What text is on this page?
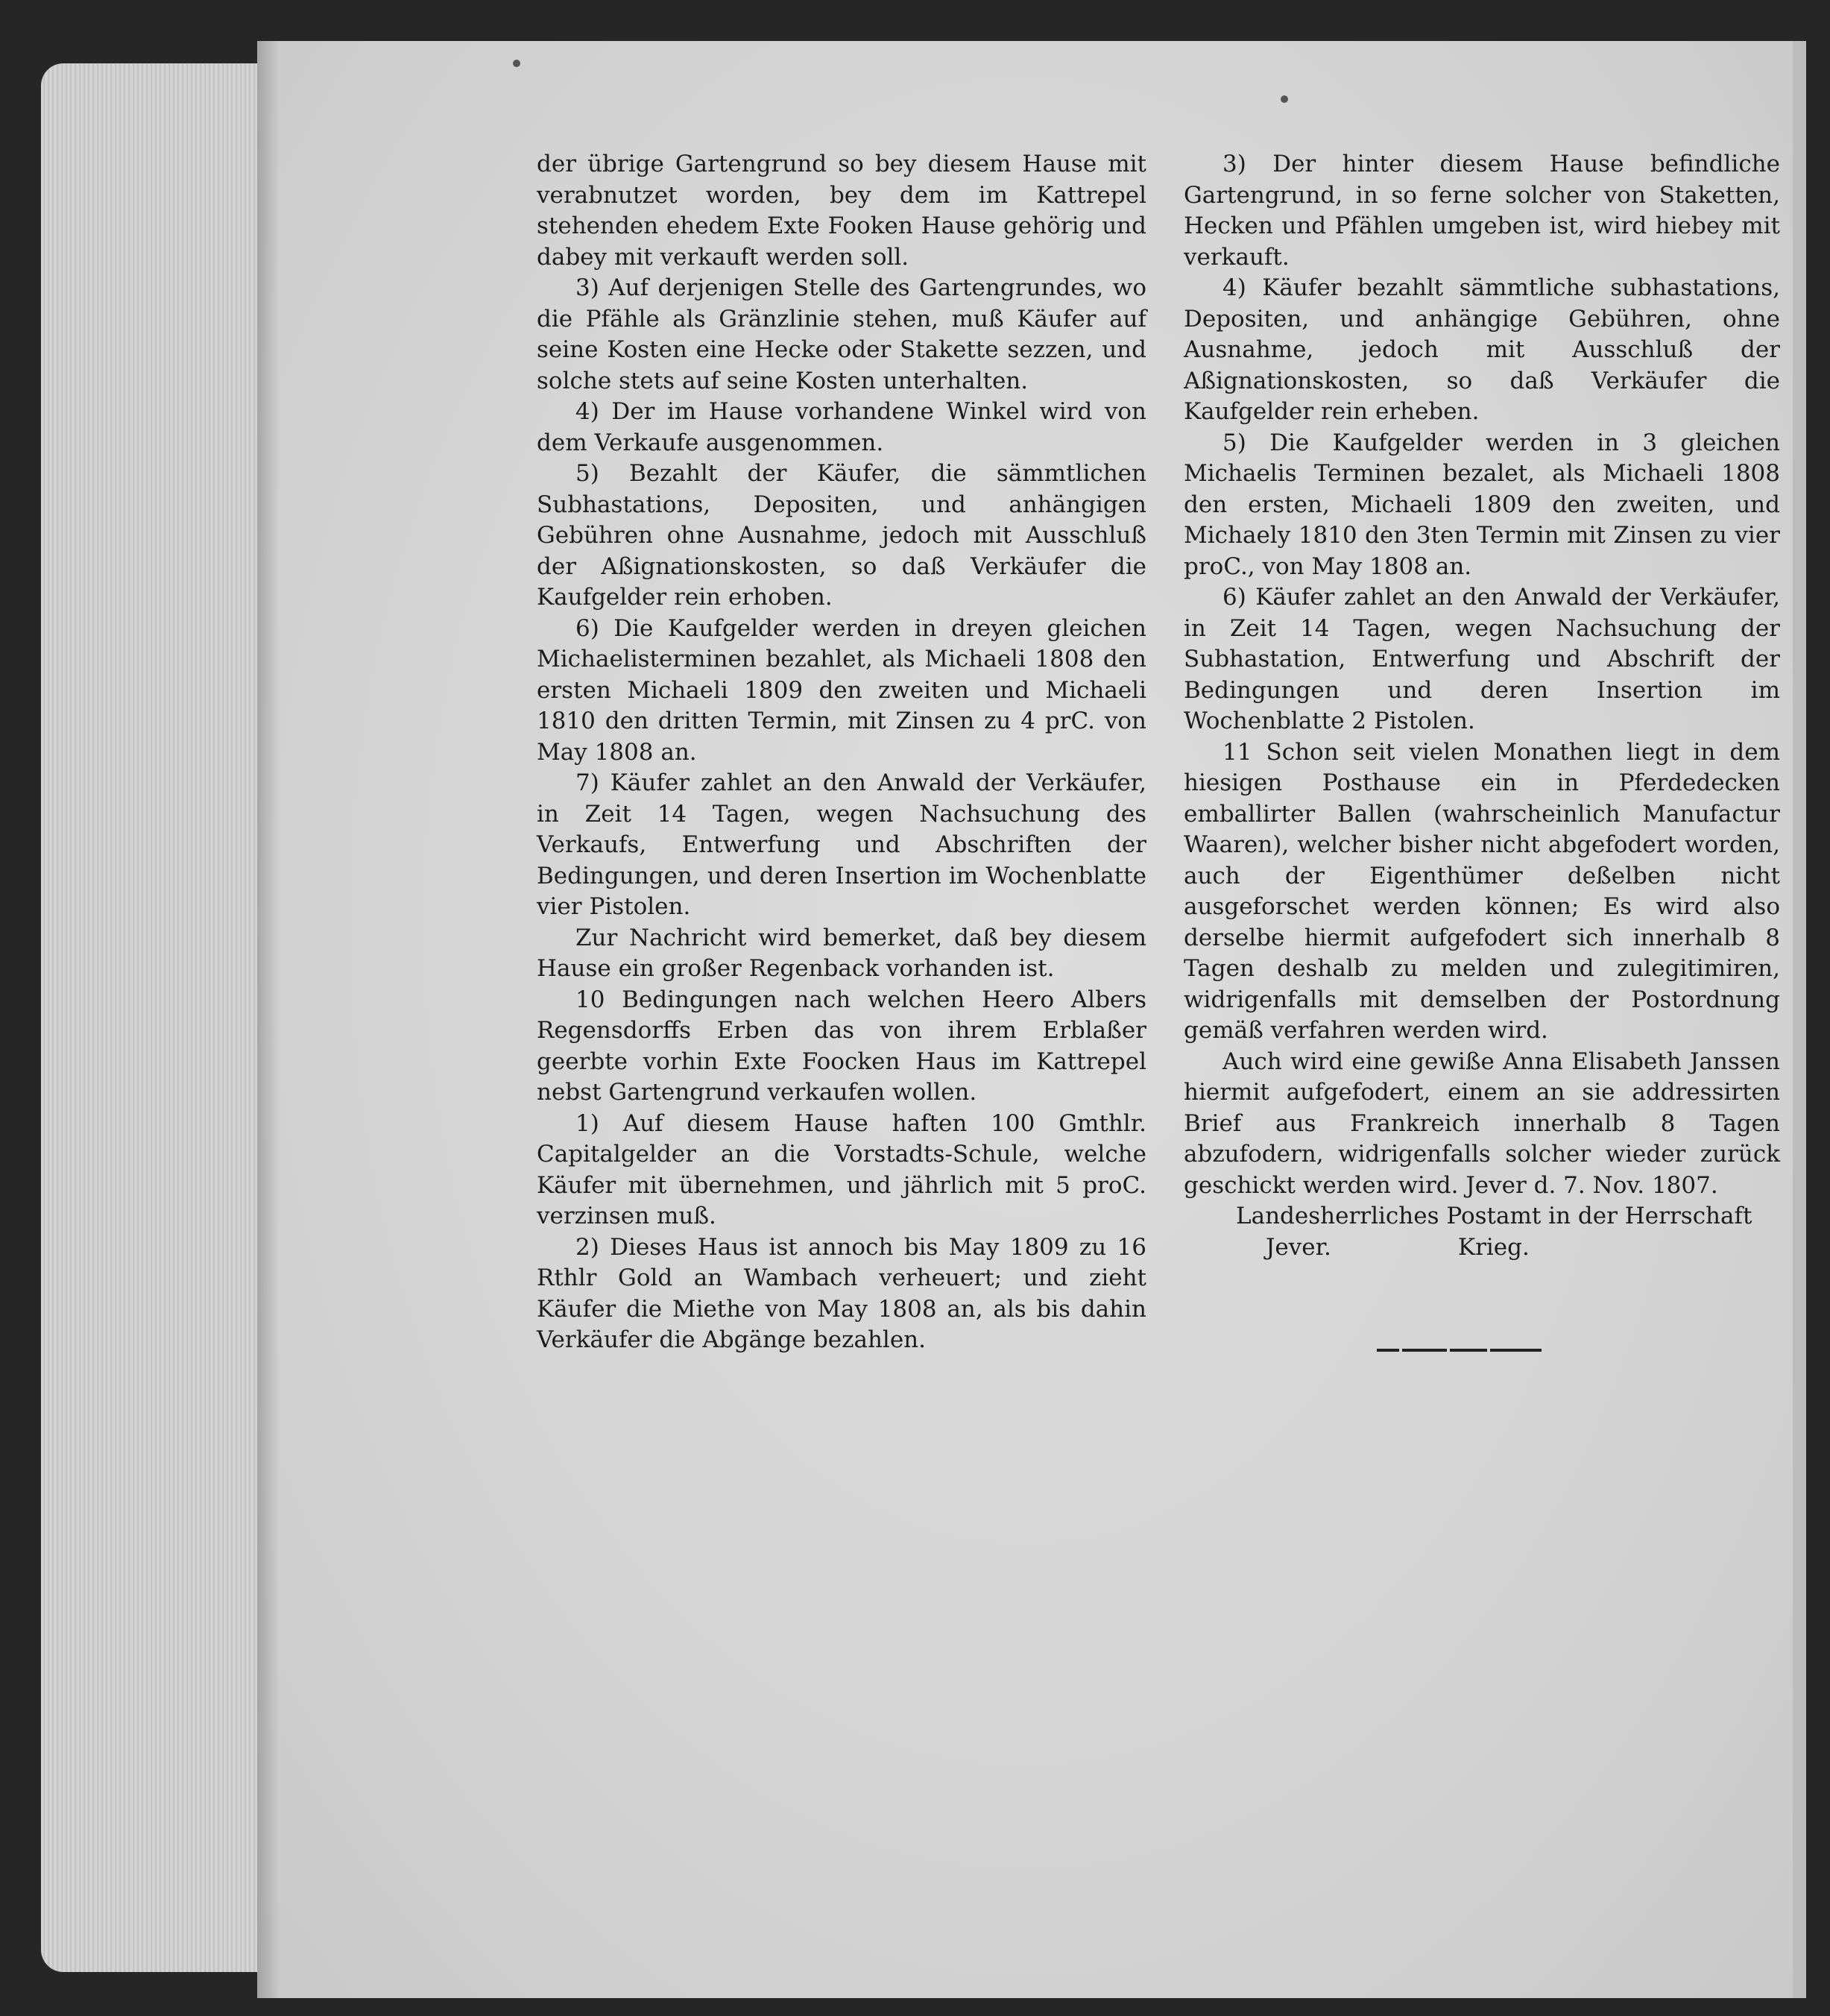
der übrige Gartengrund so bey diesem Hause mit verabnutzet worden, bey dem im Kattrepel stehenden ehedem Exte Fooken Hause gehörig und dabey mit verkauft werden soll.

3) Auf derjenigen Stelle des Gartengrundes, wo die Pfähle als Gränzlinie stehen, muß Käufer auf seine Kosten eine Hecke oder Stakette sezzen, und solche stets auf seine Kosten unterhalten.

4) Der im Hause vorhandene Winkel wird von dem Verkaufe ausgenommen.

5) Bezahlt der Käufer, die sämmtlichen Subhastations, Depositen, und anhängigen Gebühren ohne Ausnahme, jedoch mit Ausschluß der Aßignationskosten, so daß Verkäufer die Kaufgelder rein erhoben.

6) Die Kaufgelder werden in dreyen gleichen Michaelisterminen bezahlet, als Michaeli 1808 den ersten Michaeli 1809 den zweiten und Michaeli 1810 den dritten Termin, mit Zinsen zu 4 prC. von May 1808 an.

7) Käufer zahlet an den Anwald der Verkäufer, in Zeit 14 Tagen, wegen Nachsuchung des Verkaufs, Entwerfung und Abschriften der Bedingungen, und deren Insertion im Wochenblatte vier Pistolen.

Zur Nachricht wird bemerket, daß bey diesem Hause ein großer Regenback vorhanden ist.

10 Bedingungen nach welchen Heero Albers Regensdorffs Erben das von ihrem Erblaßer geerbte vorhin Exte Foocken Haus im Kattrepel nebst Gartengrund verkaufen wollen.

1) Auf diesem Hause haften 100 Gmthlr. Capitalgelder an die Vorstadts-Schule, welche Käufer mit übernehmen, und jährlich mit 5 proC. verzinsen muß.

2) Dieses Haus ist annoch bis May 1809 zu 16 Rthlr Gold an Wambach verheuert; und zieht Käufer die Miethe von May 1808 an, als bis dahin Verkäufer die Abgänge bezahlen.

3) Der hinter diesem Hause befindliche Gartengrund, in so ferne solcher von Staketten, Hecken und Pfählen umgeben ist, wird hiebey mit verkauft.

4) Käufer bezahlt sämmtliche subhastations, Depositen, und anhängige Gebühren, ohne Ausnahme, jedoch mit Ausschluß der Aßignationskosten, so daß Verkäufer die Kaufgelder rein erheben.

5) Die Kaufgelder werden in 3 gleichen Michaelis Terminen bezalet, als Michaeli 1808 den ersten, Michaeli 1809 den zweiten, und Michaely 1810 den 3ten Termin mit Zinsen zu vier proC., von May 1808 an.

6) Käufer zahlet an den Anwald der Verkäufer, in Zeit 14 Tagen, wegen Nachsuchung der Subhastation, Entwerfung und Abschrift der Bedingungen und deren Insertion im Wochenblatte 2 Pistolen.

11 Schon seit vielen Monathen liegt in dem hiesigen Posthause ein in Pferdedecken emballirter Ballen (wahrscheinlich Manufactur Waaren), welcher bisher nicht abgefodert worden, auch der Eigenthümer deßelben nicht ausgeforschet werden können; Es wird also derselbe hiermit aufgefodert sich innerhalb 8 Tagen deshalb zu melden und zulegitimiren, widrigenfalls mit demselben der Postordnung gemäß verfahren werden wird.

Auch wird eine gewiße Anna Elisabeth Janssen hiermit aufgefodert, einem an sie addressirten Brief aus Frankreich innerhalb 8 Tagen abzufodern, widrigenfalls solcher wieder zurück geschickt werden wird. Jever d. 7. Nov. 1807.

Landesherrliches Postamt in der Herrschaft

Jever.	Krieg.
